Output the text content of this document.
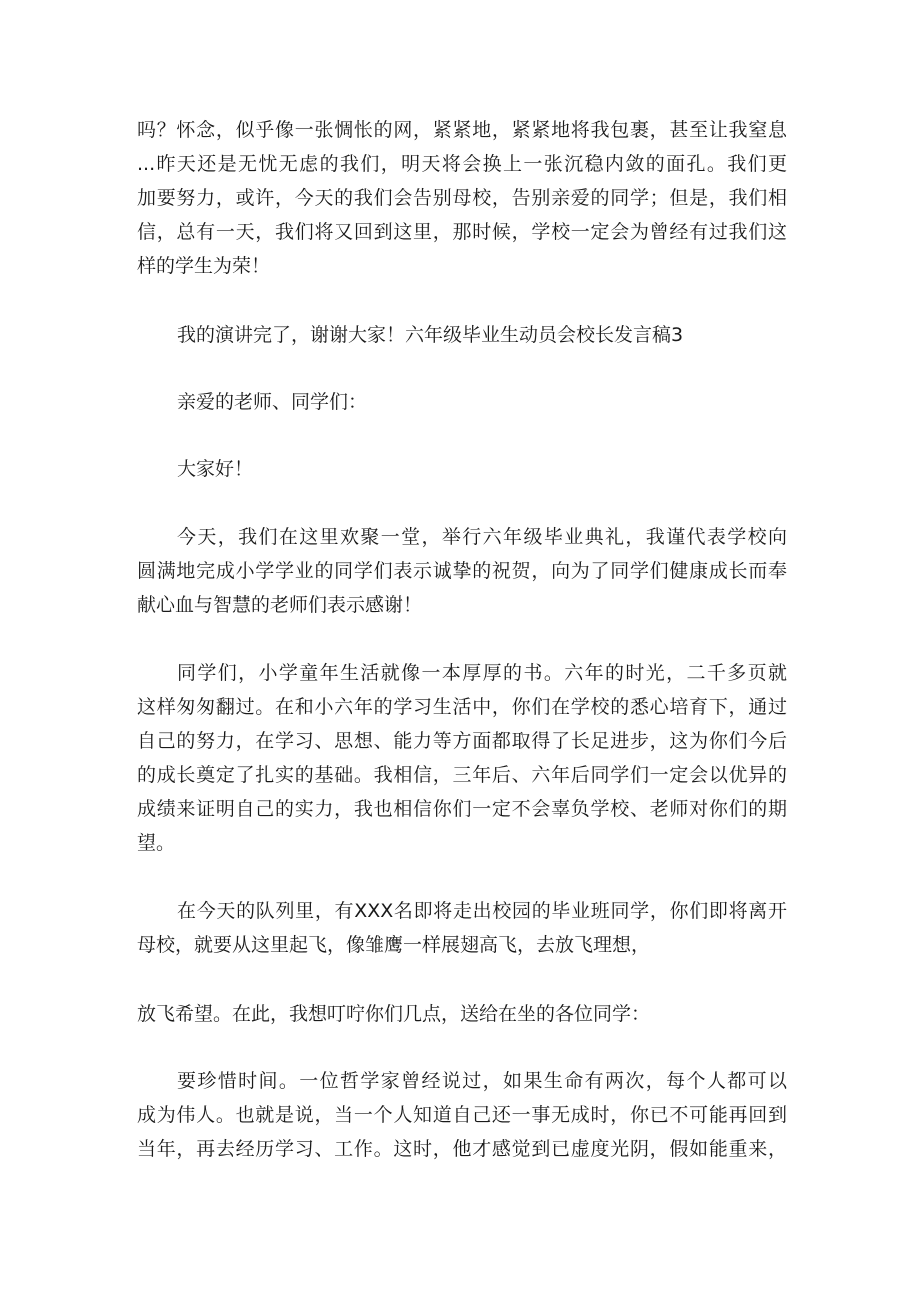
吗？怀念，似乎像一张惆怅的网，紧紧地，紧紧地将我包裹，甚至让我窒息
...昨天还是无忧无虑的我们，明天将会换上一张沉稳内敛的面孔。我们更
加要努力，或许，今天的我们会告别母校，告别亲爱的同学；但是，我们相
信，总有一天，我们将又回到这里，那时候，学校一定会为曾经有过我们这
样的学生为荣！
我的演讲完了，谢谢大家！六年级毕业生动员会校长发言稿3
亲爱的老师、同学们：
大家好！
今天，我们在这里欢聚一堂，举行六年级毕业典礼，我谨代表学校向
圆满地完成小学学业的同学们表示诚挚的祝贺，向为了同学们健康成长而奉
献心血与智慧的老师们表示感谢！
同学们，小学童年生活就像一本厚厚的书。六年的时光，二千多页就
这样匆匆翻过。在和小六年的学习生活中，你们在学校的悉心培育下，通过
自己的努力，在学习、思想、能力等方面都取得了长足进步，这为你们今后
的成长奠定了扎实的基础。我相信，三年后、六年后同学们一定会以优异的
成绩来证明自己的实力，我也相信你们一定不会辜负学校、老师对你们的期
望。
在今天的队列里，有XXX名即将走出校园的毕业班同学，你们即将离开
母校，就要从这里起飞，像雏鹰一样展翅高飞，去放飞理想，
放飞希望。在此，我想叮咛你们几点，送给在坐的各位同学：
要珍惜时间。一位哲学家曾经说过，如果生命有两次，每个人都可以
成为伟人。也就是说，当一个人知道自己还一事无成时，你已不可能再回到
当年，再去经历学习、工作。这时，他才感觉到已虚度光阴，假如能重来，
